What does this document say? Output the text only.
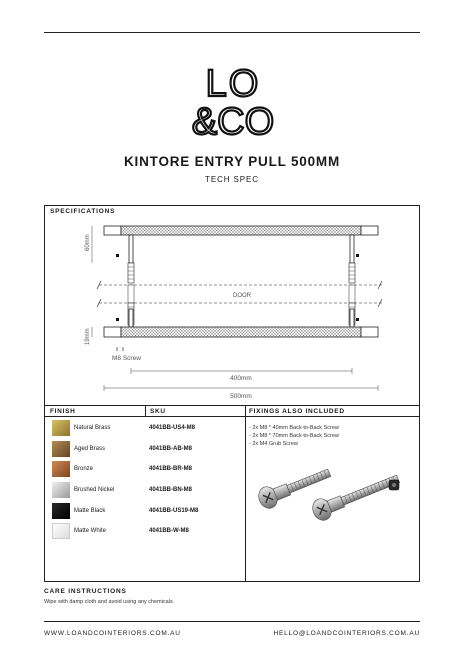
LO
&CO
KINTORE ENTRY PULL 500MM
TECH SPEC
SPECIFICATIONS
DOOR
60mm
19mm
M8 Screw
400mm
500mm
FINISH	SKU	FIXINGS ALSO INCLUDED
Natural Brass	4041BB-US4-M8
Aged Brass	4041BB-AB-M8
Bronze	4041BB-BR-M8
Brushed Nickel	4041BB-BN-M8
Matte Black	4041BB-US19-M8
Matte White	4041BB-W-M8
- 2x M8 * 40mm Back-to-Back Screw
- 2x M8 * 70mm Back-to-Back Screw
- 2x M4 Grub Screw
CARE INSTRUCTIONS
Wipe with damp cloth and avoid using any chemicals.
WWW.LOANDCOINTERIORS.COM.AU	HELLO@LOANDCOINTERIORS.COM.AU
